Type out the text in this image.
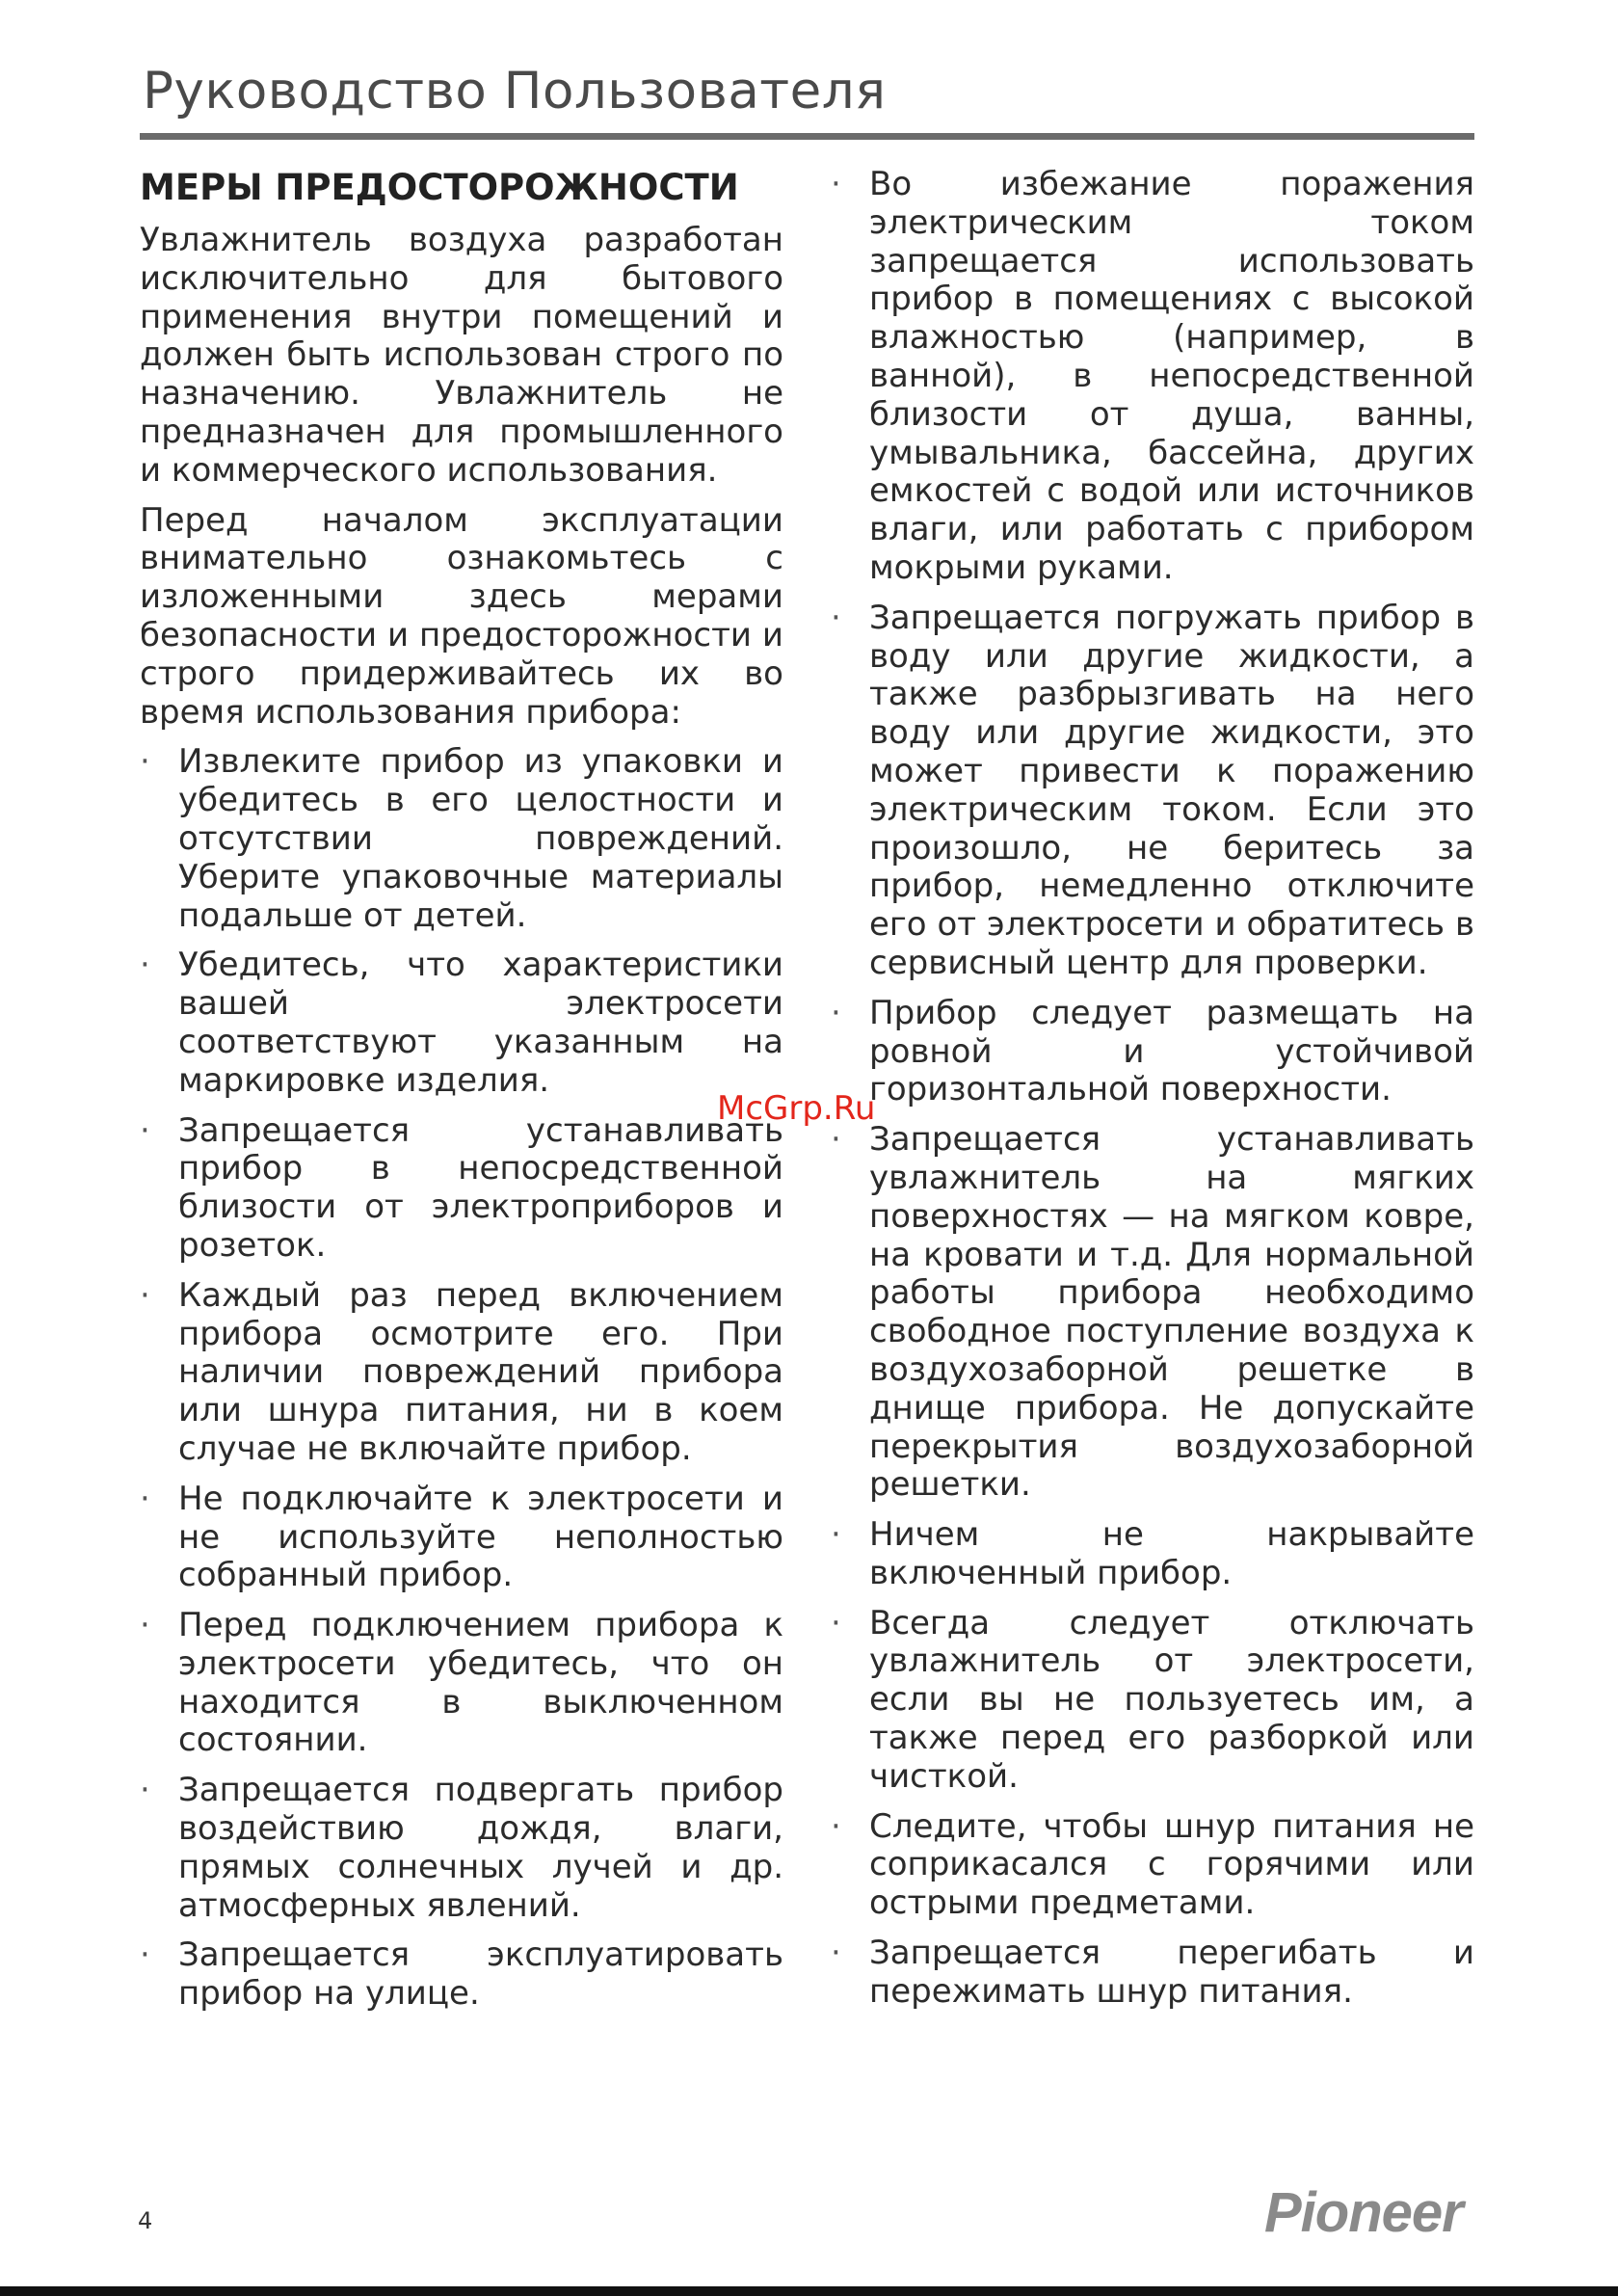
Руководство Пользователя
МЕРЫ ПРЕДОСТОРОЖНОСТИ

Увлажнитель воздуха разработан исключительно для бытового применения внутри помещений и должен быть использован строго по назначению. Увлажнитель не предназначен для промышленного и коммерческого использования.

Перед началом эксплуатации внимательно ознакомьтесь с изложенными здесь мерами безопасности и предосторожности и строго придерживайтесь их во время использования прибора:

· Извлеките прибор из упаковки и убедитесь в его целостности и отсутствии повреждений. Уберите упаковочные материалы подальше от детей.
· Убедитесь, что характеристики вашей электросети соответствуют указанным на маркировке изделия.
· Запрещается устанавливать прибор в непосредственной близости от электроприборов и розеток.
· Каждый раз перед включением прибора осмотрите его. При наличии повреждений прибора или шнура питания, ни в коем случае не включайте прибор.
· Не подключайте к электросети и не используйте неполностью собранный прибор.
· Перед подключением прибора к электросети убедитесь, что он находится в выключенном состоянии.
· Запрещается подвергать прибор воздействию дождя, влаги, прямых солнечных лучей и др. атмосферных явлений.
· Запрещается эксплуатировать прибор на улице.
· Во избежание поражения электрическим током запрещается использовать прибор в помещениях с высокой влажностью (например, в ванной), в непосредственной близости от душа, ванны, умывальника, бассейна, других емкостей с водой или источников влаги, или работать с прибором мокрыми руками.
· Запрещается погружать прибор в воду или другие жидкости, а также разбрызгивать на него воду или другие жидкости, это может привести к поражению электрическим током. Если это произошло, не беритесь за прибор, немедленно отключите его от электросети и обратитесь в сервисный центр для проверки.
· Прибор следует размещать на ровной и устойчивой горизонтальной поверхности.
· Запрещается устанавливать увлажнитель на мягких поверхностях — на мягком ковре, на кровати и т.д. Для нормальной работы прибора необходимо свободное поступление воздуха к воздухозаборной решетке в днище прибора. Не допускайте перекрытия воздухозаборной решетки.
· Ничем не накрывайте включенный прибор.
· Всегда следует отключать увлажнитель от электросети, если вы не пользуетесь им, а также перед его разборкой или чисткой.
· Следите, чтобы шнур питания не соприкасался с горячими или острыми предметами.
· Запрещается перегибать и пережимать шнур питания.
McGrp.Ru
4	Pioneer
